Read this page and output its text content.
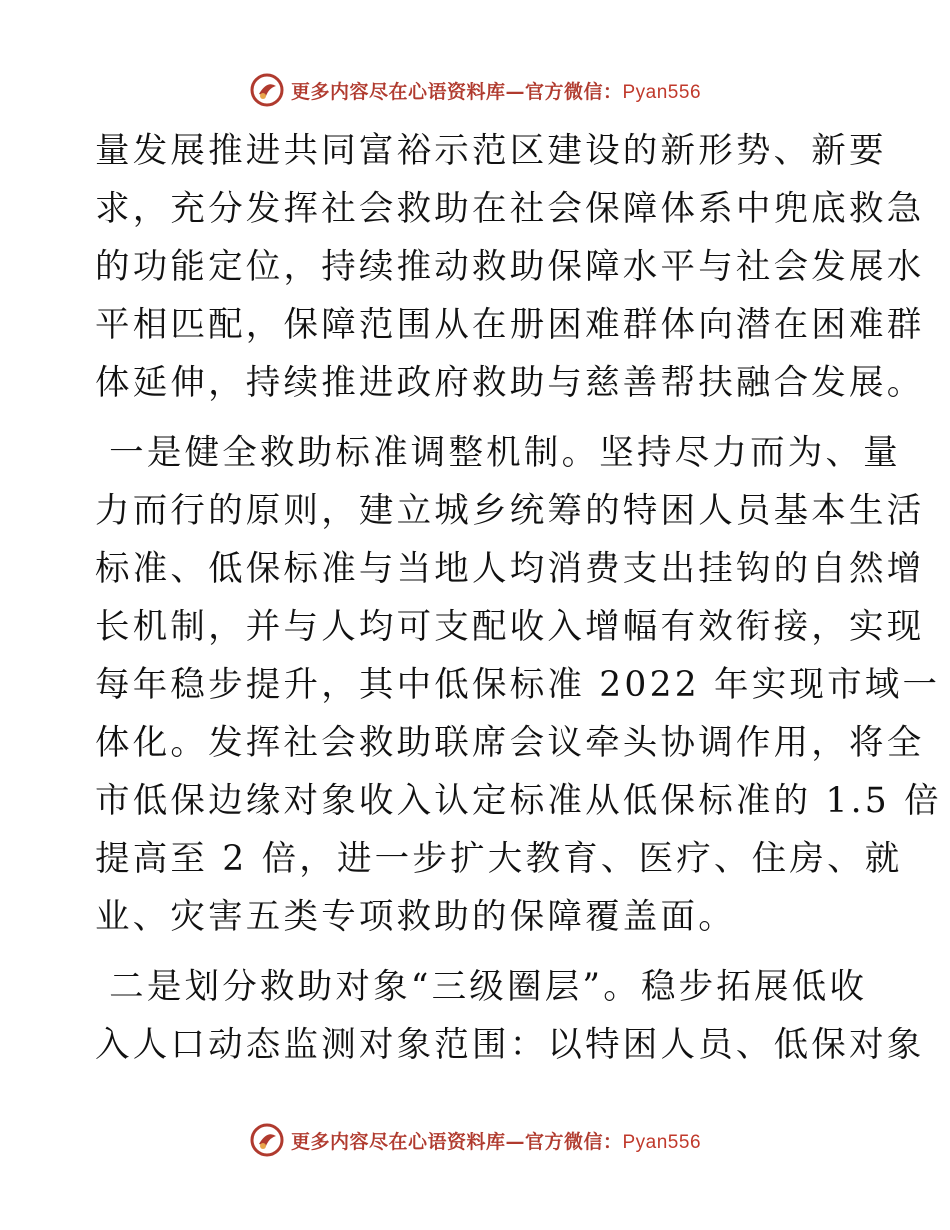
更多内容尽在心语资料库—官方微信：Pyan556

量发展推进共同富裕示范区建设的新形势、新要
求，充分发挥社会救助在社会保障体系中兜底救急
的功能定位，持续推动救助保障水平与社会发展水
平相匹配，保障范围从在册困难群体向潜在困难群
体延伸，持续推进政府救助与慈善帮扶融合发展。

一是健全救助标准调整机制。坚持尽力而为、量
力而行的原则，建立城乡统筹的特困人员基本生活
标准、低保标准与当地人均消费支出挂钩的自然增
长机制，并与人均可支配收入增幅有效衔接，实现
每年稳步提升，其中低保标准 2022 年实现市域一
体化。发挥社会救助联席会议牵头协调作用，将全
市低保边缘对象收入认定标准从低保标准的 1.5 倍
提高至 2 倍，进一步扩大教育、医疗、住房、就
业、灾害五类专项救助的保障覆盖面。

二是划分救助对象“三级圈层”。稳步拓展低收
入人口动态监测对象范围：以特困人员、低保对象

更多内容尽在心语资料库—官方微信：Pyan556
